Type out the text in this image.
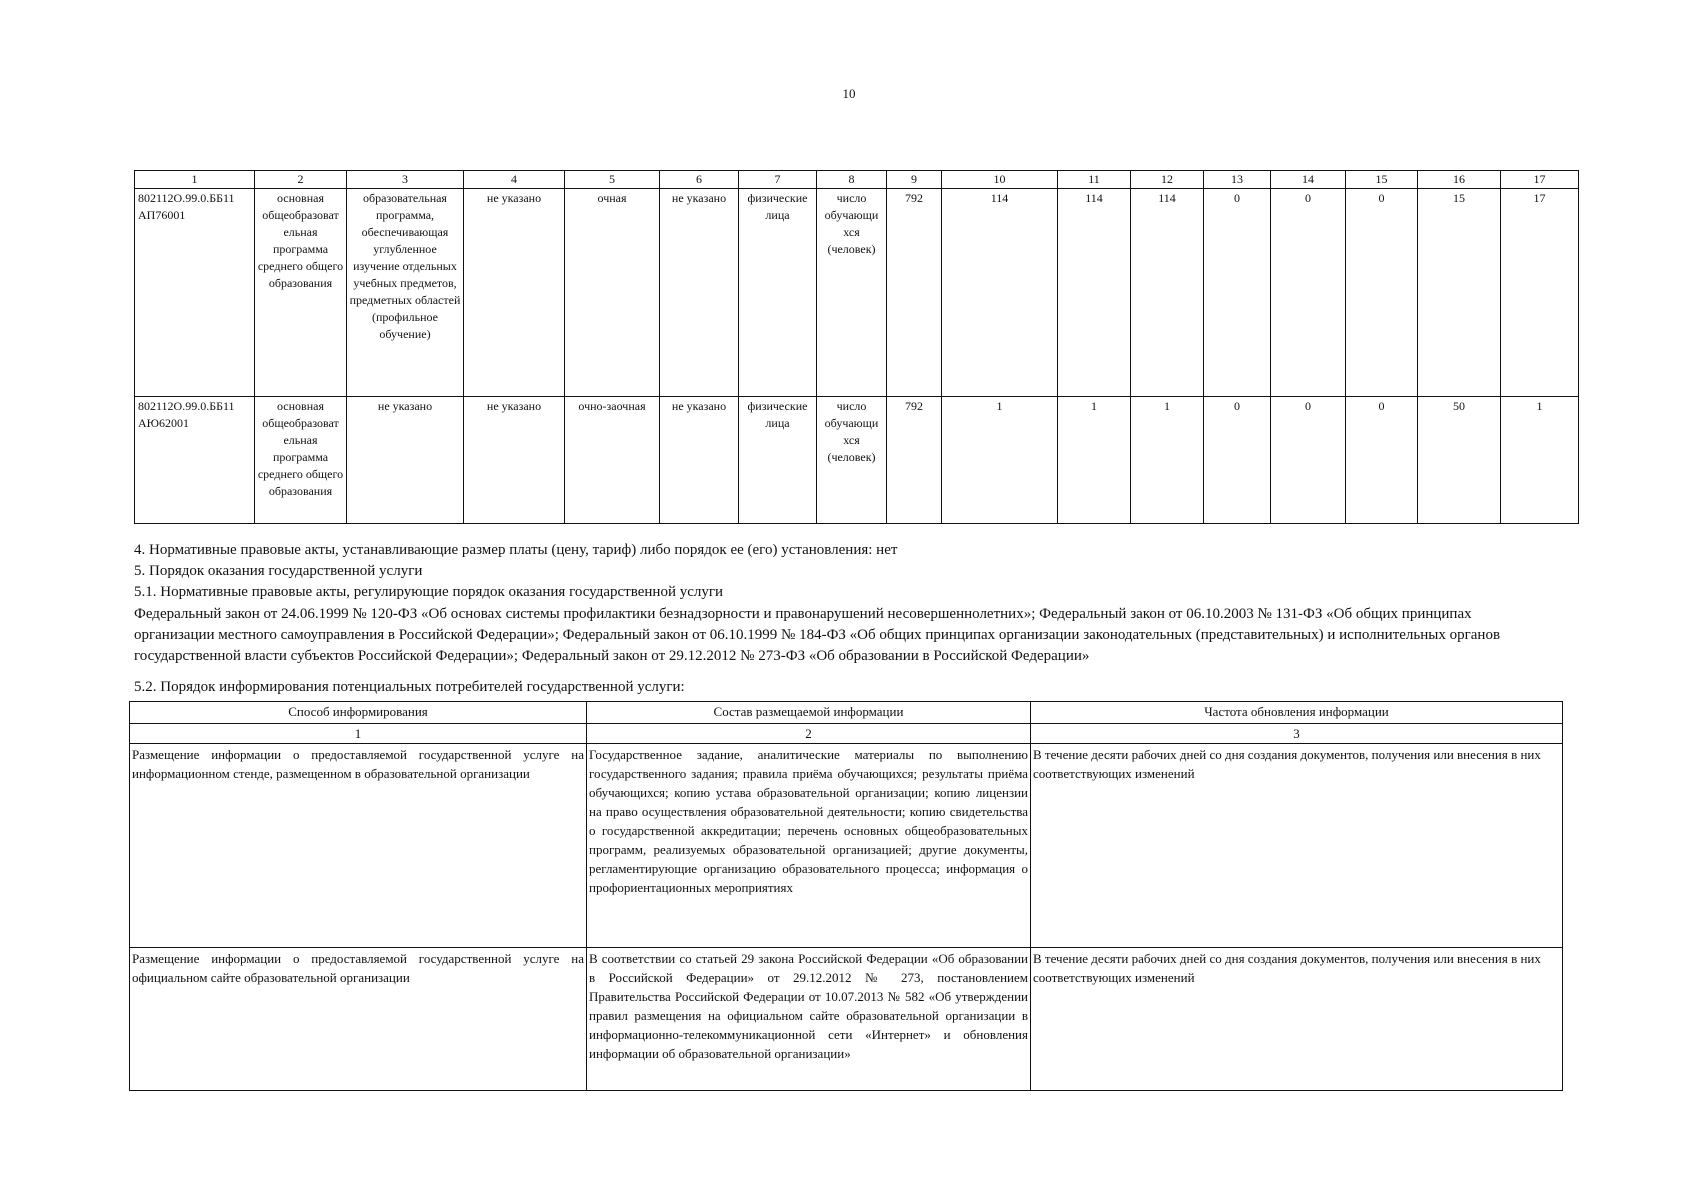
10
1	2	3	4	5	6	7	8	9	10	11	12	13	14	15	16	17
802112О.99.0.ББ11 АП76001	основная общеобразоват ельная программа среднего общего образования	образовательная программа, обеспечивающая углубленное изучение отдельных учебных предметов, предметных областей (профильное обучение)	не указано	очная	не указано	физические лица	число обучающи хся (человек)	792	114	114	114	0	0	0	15	17
802112О.99.0.ББ11 АЮ62001	основная общеобразоват ельная программа среднего общего образования	не указано	не указано	очно-заочная	не указано	физические лица	число обучающи хся (человек)	792	1	1	1	0	0	0	50	1

4. Нормативные правовые акты, устанавливающие размер платы (цену, тариф) либо порядок ее (его) установления: нет

5. Порядок оказания государственной услуги

5.1. Нормативные правовые акты, регулирующие порядок оказания государственной услуги

Федеральный закон от 24.06.1999 № 120-ФЗ «Об основах системы профилактики безнадзорности и правонарушений несовершеннолетних»; Федеральный закон от 06.10.2003 № 131-ФЗ «Об общих принципах организации местного самоуправления в Российской Федерации»; Федеральный закон от 06.10.1999 № 184-ФЗ «Об общих принципах организации законодательных (представительных) и исполнительных органов государственной власти субъектов Российской Федерации»; Федеральный закон от 29.12.2012 № 273-ФЗ «Об образовании в Российской Федерации»

5.2. Порядок информирования потенциальных потребителей государственной услуги:

Способ информирования	Состав размещаемой информации	Частота обновления информации
1	2	3
Размещение информации о предоставляемой государственной услуге на информационном стенде, размещенном в образовательной организации	Государственное задание, аналитические материалы по выполнению государственного задания; правила приёма обучающихся; результаты приёма обучающихся; копию устава образовательной организации; копию лицензии на право осуществления образовательной деятельности; копию свидетельства о государственной аккредитации; перечень основных общеобразовательных программ, реализуемых образовательной организацией; другие документы, регламентирующие организацию образовательного процесса; информация о профориентационных мероприятиях	В течение десяти рабочих дней со дня создания документов, получения или внесения в них соответствующих изменений
Размещение информации о предоставляемой государственной услуге на официальном сайте образовательной организации	В соответствии со статьей 29 закона Российской Федерации «Об образовании в Российской Федерации» от 29.12.2012 № 273, постановлением Правительства Российской Федерации от 10.07.2013 № 582 «Об утверждении правил размещения на официальном сайте образовательной организации в информационно-телекоммуникационной сети «Интернет» и обновления информации об образовательной организации»	В течение десяти рабочих дней со дня создания документов, получения или внесения в них соответствующих изменений
